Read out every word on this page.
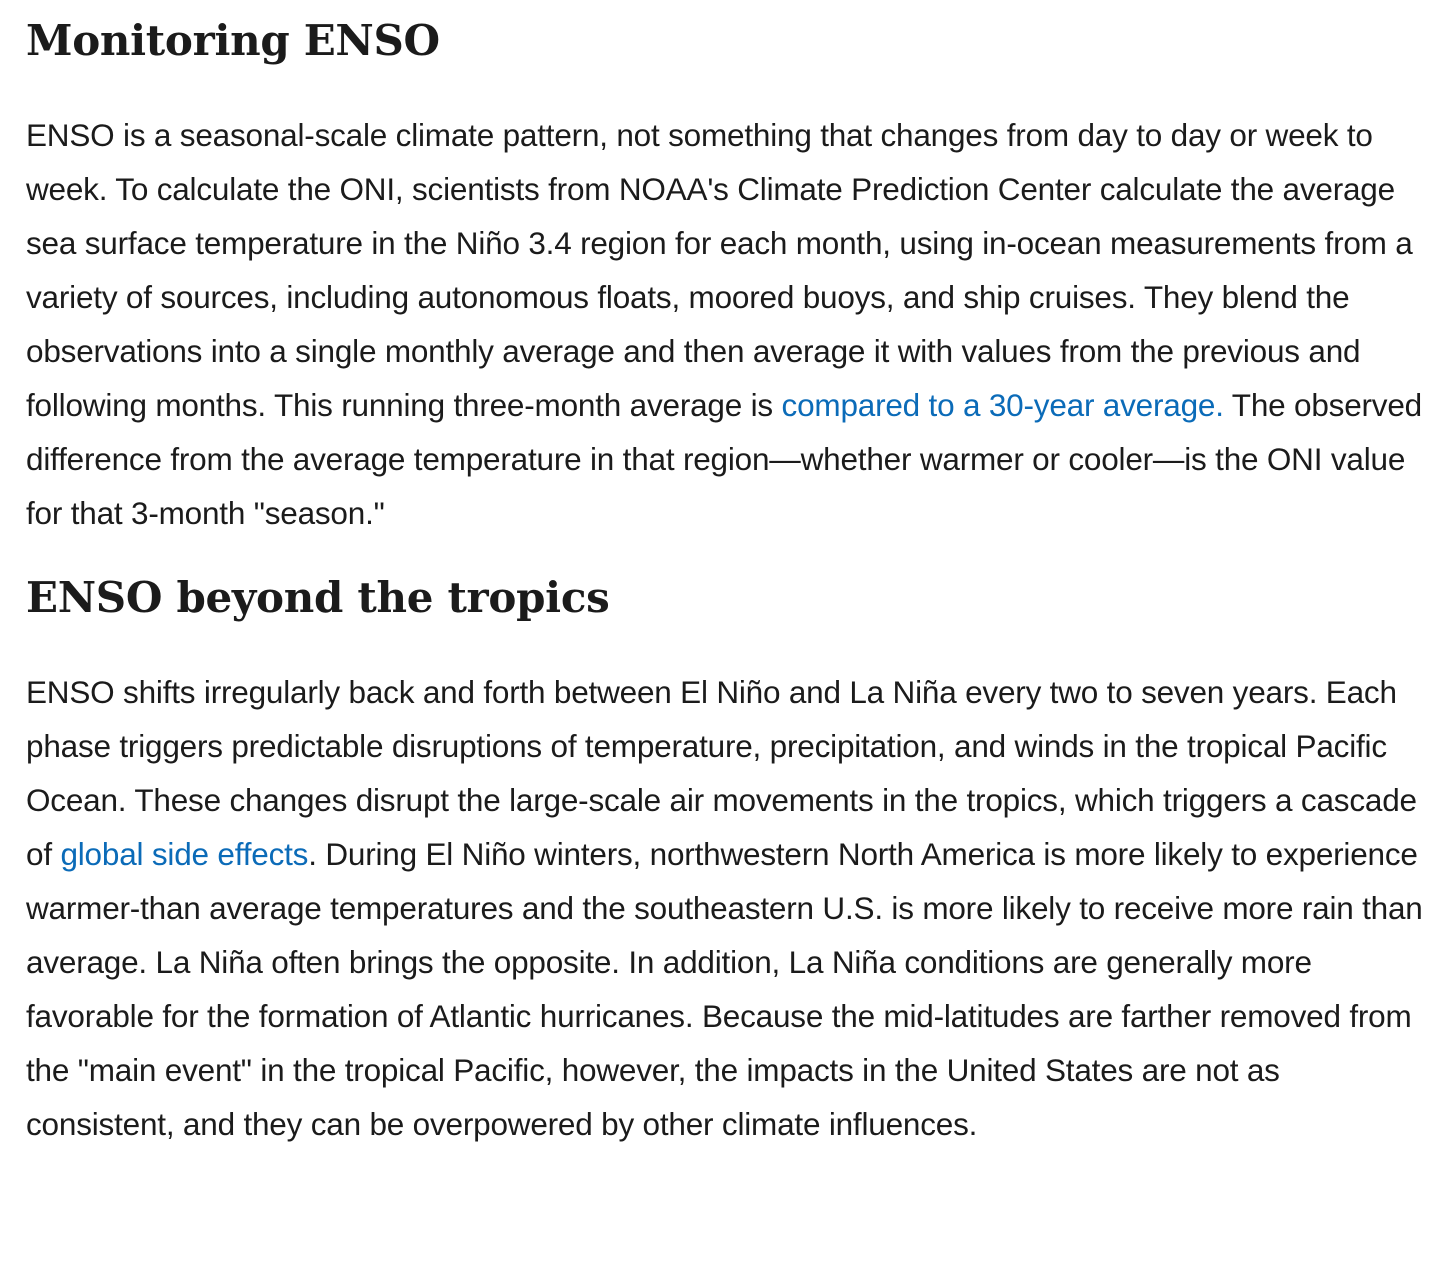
Monitoring ENSO

ENSO is a seasonal-scale climate pattern, not something that changes from day to day or week to week. To calculate the ONI, scientists from NOAA's Climate Prediction Center calculate the average sea surface temperature in the Niño 3.4 region for each month, using in-ocean measurements from a variety of sources, including autonomous floats, moored buoys, and ship cruises. They blend the observations into a single monthly average and then average it with values from the previous and following months. This running three-month average is compared to a 30-year average. The observed difference from the average temperature in that region—whether warmer or cooler—is the ONI value for that 3-month "season."

ENSO beyond the tropics

ENSO shifts irregularly back and forth between El Niño and La Niña every two to seven years. Each phase triggers predictable disruptions of temperature, precipitation, and winds in the tropical Pacific Ocean. These changes disrupt the large-scale air movements in the tropics, which triggers a cascade of global side effects. During El Niño winters, northwestern North America is more likely to experience warmer-than average temperatures and the southeastern U.S. is more likely to receive more rain than average. La Niña often brings the opposite. In addition, La Niña conditions are generally more favorable for the formation of Atlantic hurricanes. Because the mid-latitudes are farther removed from the "main event" in the tropical Pacific, however, the impacts in the United States are not as consistent, and they can be overpowered by other climate influences.
